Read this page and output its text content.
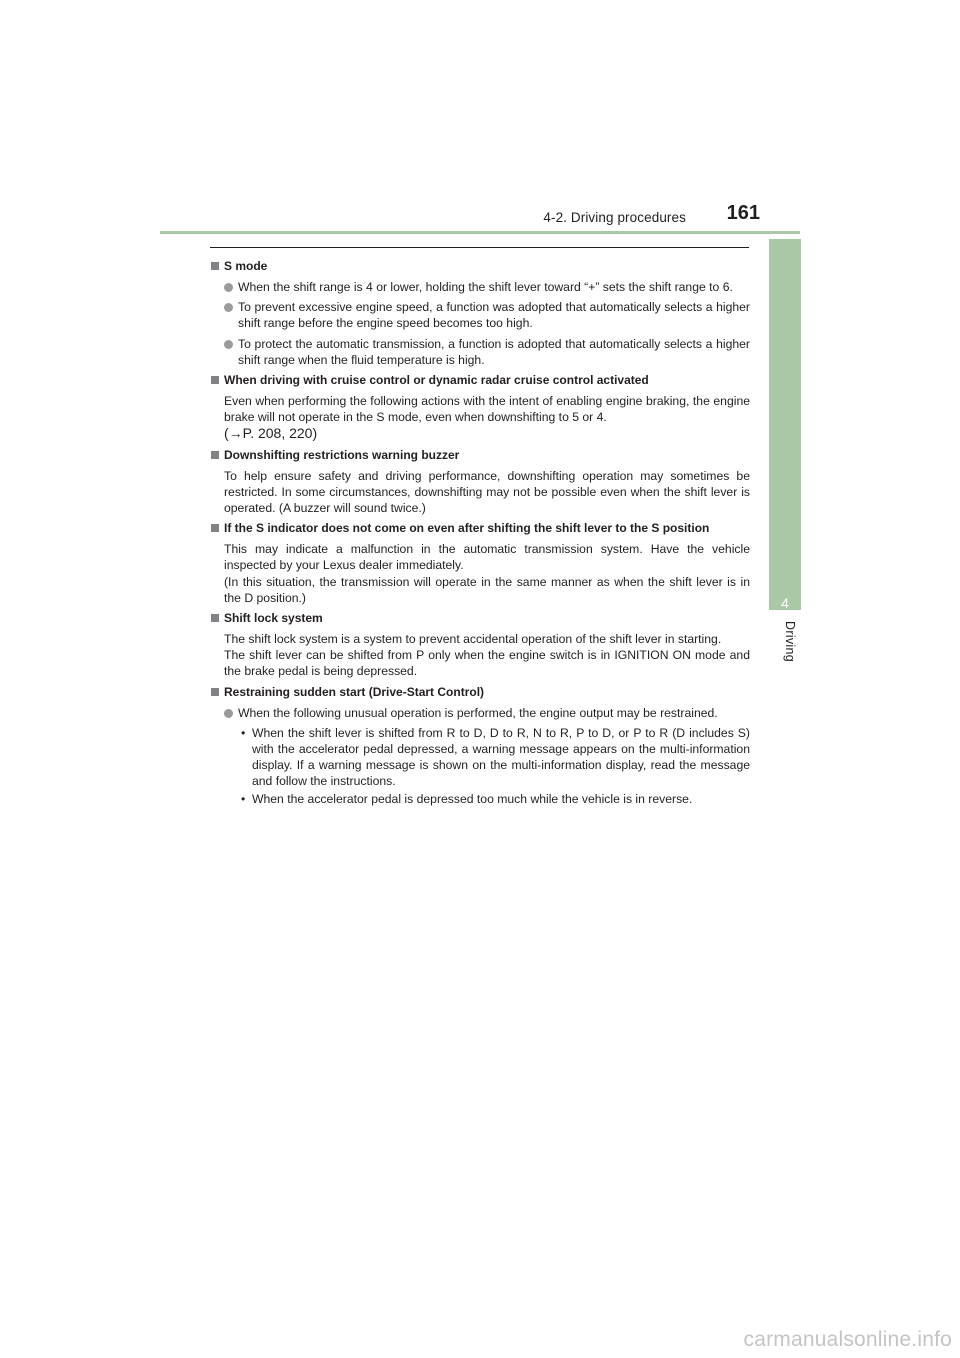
4-2. Driving procedures 161
4
Driving
S mode
When the shift range is 4 or lower, holding the shift lever toward “+” sets the shift range to 6.
To prevent excessive engine speed, a function was adopted that automatically selects a higher shift range before the engine speed becomes too high.
To protect the automatic transmission, a function is adopted that automatically selects a higher shift range when the fluid temperature is high.
When driving with cruise control or dynamic radar cruise control activated
Even when performing the following actions with the intent of enabling engine braking, the engine brake will not operate in the S mode, even when downshifting to 5 or 4.
(→P. 208, 220)
Downshifting restrictions warning buzzer
To help ensure safety and driving performance, downshifting operation may sometimes be restricted. In some circumstances, downshifting may not be possible even when the shift lever is operated. (A buzzer will sound twice.)
If the S indicator does not come on even after shifting the shift lever to the S position
This may indicate a malfunction in the automatic transmission system. Have the vehicle inspected by your Lexus dealer immediately.
(In this situation, the transmission will operate in the same manner as when the shift lever is in the D position.)
Shift lock system
The shift lock system is a system to prevent accidental operation of the shift lever in starting.
The shift lever can be shifted from P only when the engine switch is in IGNITION ON mode and the brake pedal is being depressed.
Restraining sudden start (Drive-Start Control)
When the following unusual operation is performed, the engine output may be restrained.
• When the shift lever is shifted from R to D, D to R, N to R, P to D, or P to R (D includes S) with the accelerator pedal depressed, a warning message appears on the multi-information display. If a warning message is shown on the multi-information display, read the message and follow the instructions.
• When the accelerator pedal is depressed too much while the vehicle is in reverse.
carmanualsonline.info
